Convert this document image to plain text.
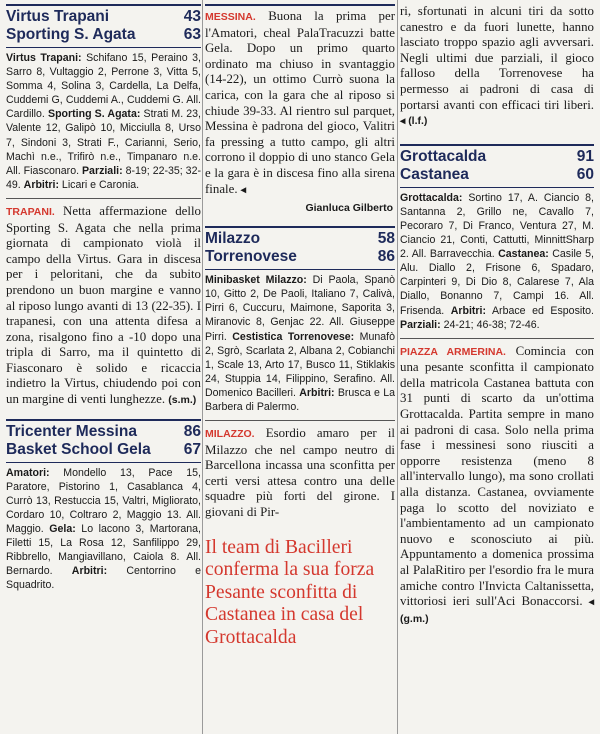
Virtus Trapani	43
Sporting S. Agata	63

Virtus Trapani: Schifano 15, Peraino 3, Sarro 8, Vultaggio 2, Perrone 3, Vitta 5, Somma 4, Solina 3, Cardella, La Delfa, Cuddemi G, Cuddemi A., Cuddemi G. All. Cardillo. Sporting S. Agata: Strati M. 23, Valente 12, Galipò 10, Micciulla 8, Urso 7, Sindoni 3, Strati F., Carianni, Serio, Machì n.e., Trifirò n.e., Timpanaro n.e. All. Fiasconaro. Parziali: 8-19; 22-35; 32-49. Arbitri: Licari e Caronia.

TRAPANI. Netta affermazione dello Sporting S. Agata che nella prima giornata di campionato violà il campo della Virtus. Gara in discesa per i peloritani, che da subito prendono un buon margine e vanno al riposo lungo avanti di 13 (22-35). I trapanesi, con una attenta difesa a zona, risalgono fino a -10 dopo una tripla di Sarro, ma il quintetto di Fiasconaro è solido e ricaccia indietro la Virtus, chiudendo poi con un margine di venti lunghezze. (s.m.)

Tricenter Messina	86
Basket School Gela 67

Amatori: Mondello 13, Pace 15, Paratore, Pistorino 1, Casablanca 4, Currò 13, Restuccia 15, Valtri, Migliorato, Cordaro 10, Coltraro 2, Maggio 13. All. Maggio. Gela: Lo lacono 3, Martorana, Filetti 15, La Rosa 12, Sanfilippo 29, Ribbrello, Mangiavillano, Caiola 8. All. Bernardo. Arbitri: Centorrino e Squadrito.

MESSINA. Buona la prima per l'Amatori, cheal PalaTracuzzi batte Gela. Dopo un primo quarto ordinato ma chiuso in svantaggio (14-22), un ottimo Currò suona la carica, con la gara che al riposo si chiude 39-33. Al rientro sul parquet, Messina è padrona del gioco, Valitri fa pressing a tutto campo, gli altri corrono il doppio di uno stanco Gela e la gara è in discesa fino alla sirena finale. ◂

Gianluca Gilberto
Milazzo	58
Torrenovese	86

Minibasket Milazzo: Di Paola, Spanò 10, Gitto 2, De Paoli, Italiano 7, Calivà, Pirri 6, Cuccuru, Maimone, Saporita 3, Miranovic 8, Genjac 22. All. Giuseppe Pirri. Cestistica Torrenovese: Munafò 2, Sgrò, Scarlata 2, Albana 2, Cobianchi 1, Scale 13, Arto 17, Busco 11, Stiklakis 24, Stuppia 14, Filippino, Serafino. All. Domenico Bacilleri. Arbitri: Brusca e La Barbera di Palermo.

MILAZZO. Esordio amaro per il Milazzo che nel campo neutro di Barcellona incassa una sconfitta per certi versi attesa contro una delle squadre più forti del girone. I giovani di Pir-

Il team di Bacilleri conferma la sua forza Pesante sconfitta di Castanea in casa del Grottacalda

ri, sfortunati in alcuni tiri da sotto canestro e da fuori lunette, hanno lasciato troppo spazio agli avversari. Negli ultimi due parziali, il gioco falloso della Torrenovese ha permesso ai padroni di casa di portarsi avanti con efficaci tiri liberi. ◂ (l.f.)

Grottacalda	91
Castanea	60

Grottacalda: Sortino 17, A. Ciancio 8, Santanna 2, Grillo ne, Cavallo 7, Pecoraro 7, Di Franco, Ventura 27, M. Ciancio 21, Conti, Cattutti, MinnittSharp 2. All. Barravecchia. Castanea: Casile 5, Alu. Diallo 2, Frisone 6, Spadaro, Carpinteri 9, Di Dio 8, Calarese 7, Ala Diallo, Bonanno 7, Campi 16. All. Frisenda. Arbitri: Arbace ed Esposito. Parziali: 24-21; 46-38; 72-46.

PIAZZA ARMERINA. Comincia con una pesante sconfitta il campionato della matricola Castanea battuta con 31 punti di scarto da un'ottima Grottacalda. Partita sempre in mano ai padroni di casa. Solo nella prima fase i messinesi sono riusciti a opporre resistenza (meno 8 all'intervallo lungo), ma sono crollati alla distanza. Castanea, ovviamente paga lo scotto del noviziato e l'ambientamento ad un campionato nuovo e sconosciuto ai più. Appuntamento a domenica prossima al PalaRitiro per l'esordio fra le mura amiche contro l'Invicta Caltanissetta, vittoriosi ieri sull'Aci Bonaccorsi. ◂ (g.m.)
